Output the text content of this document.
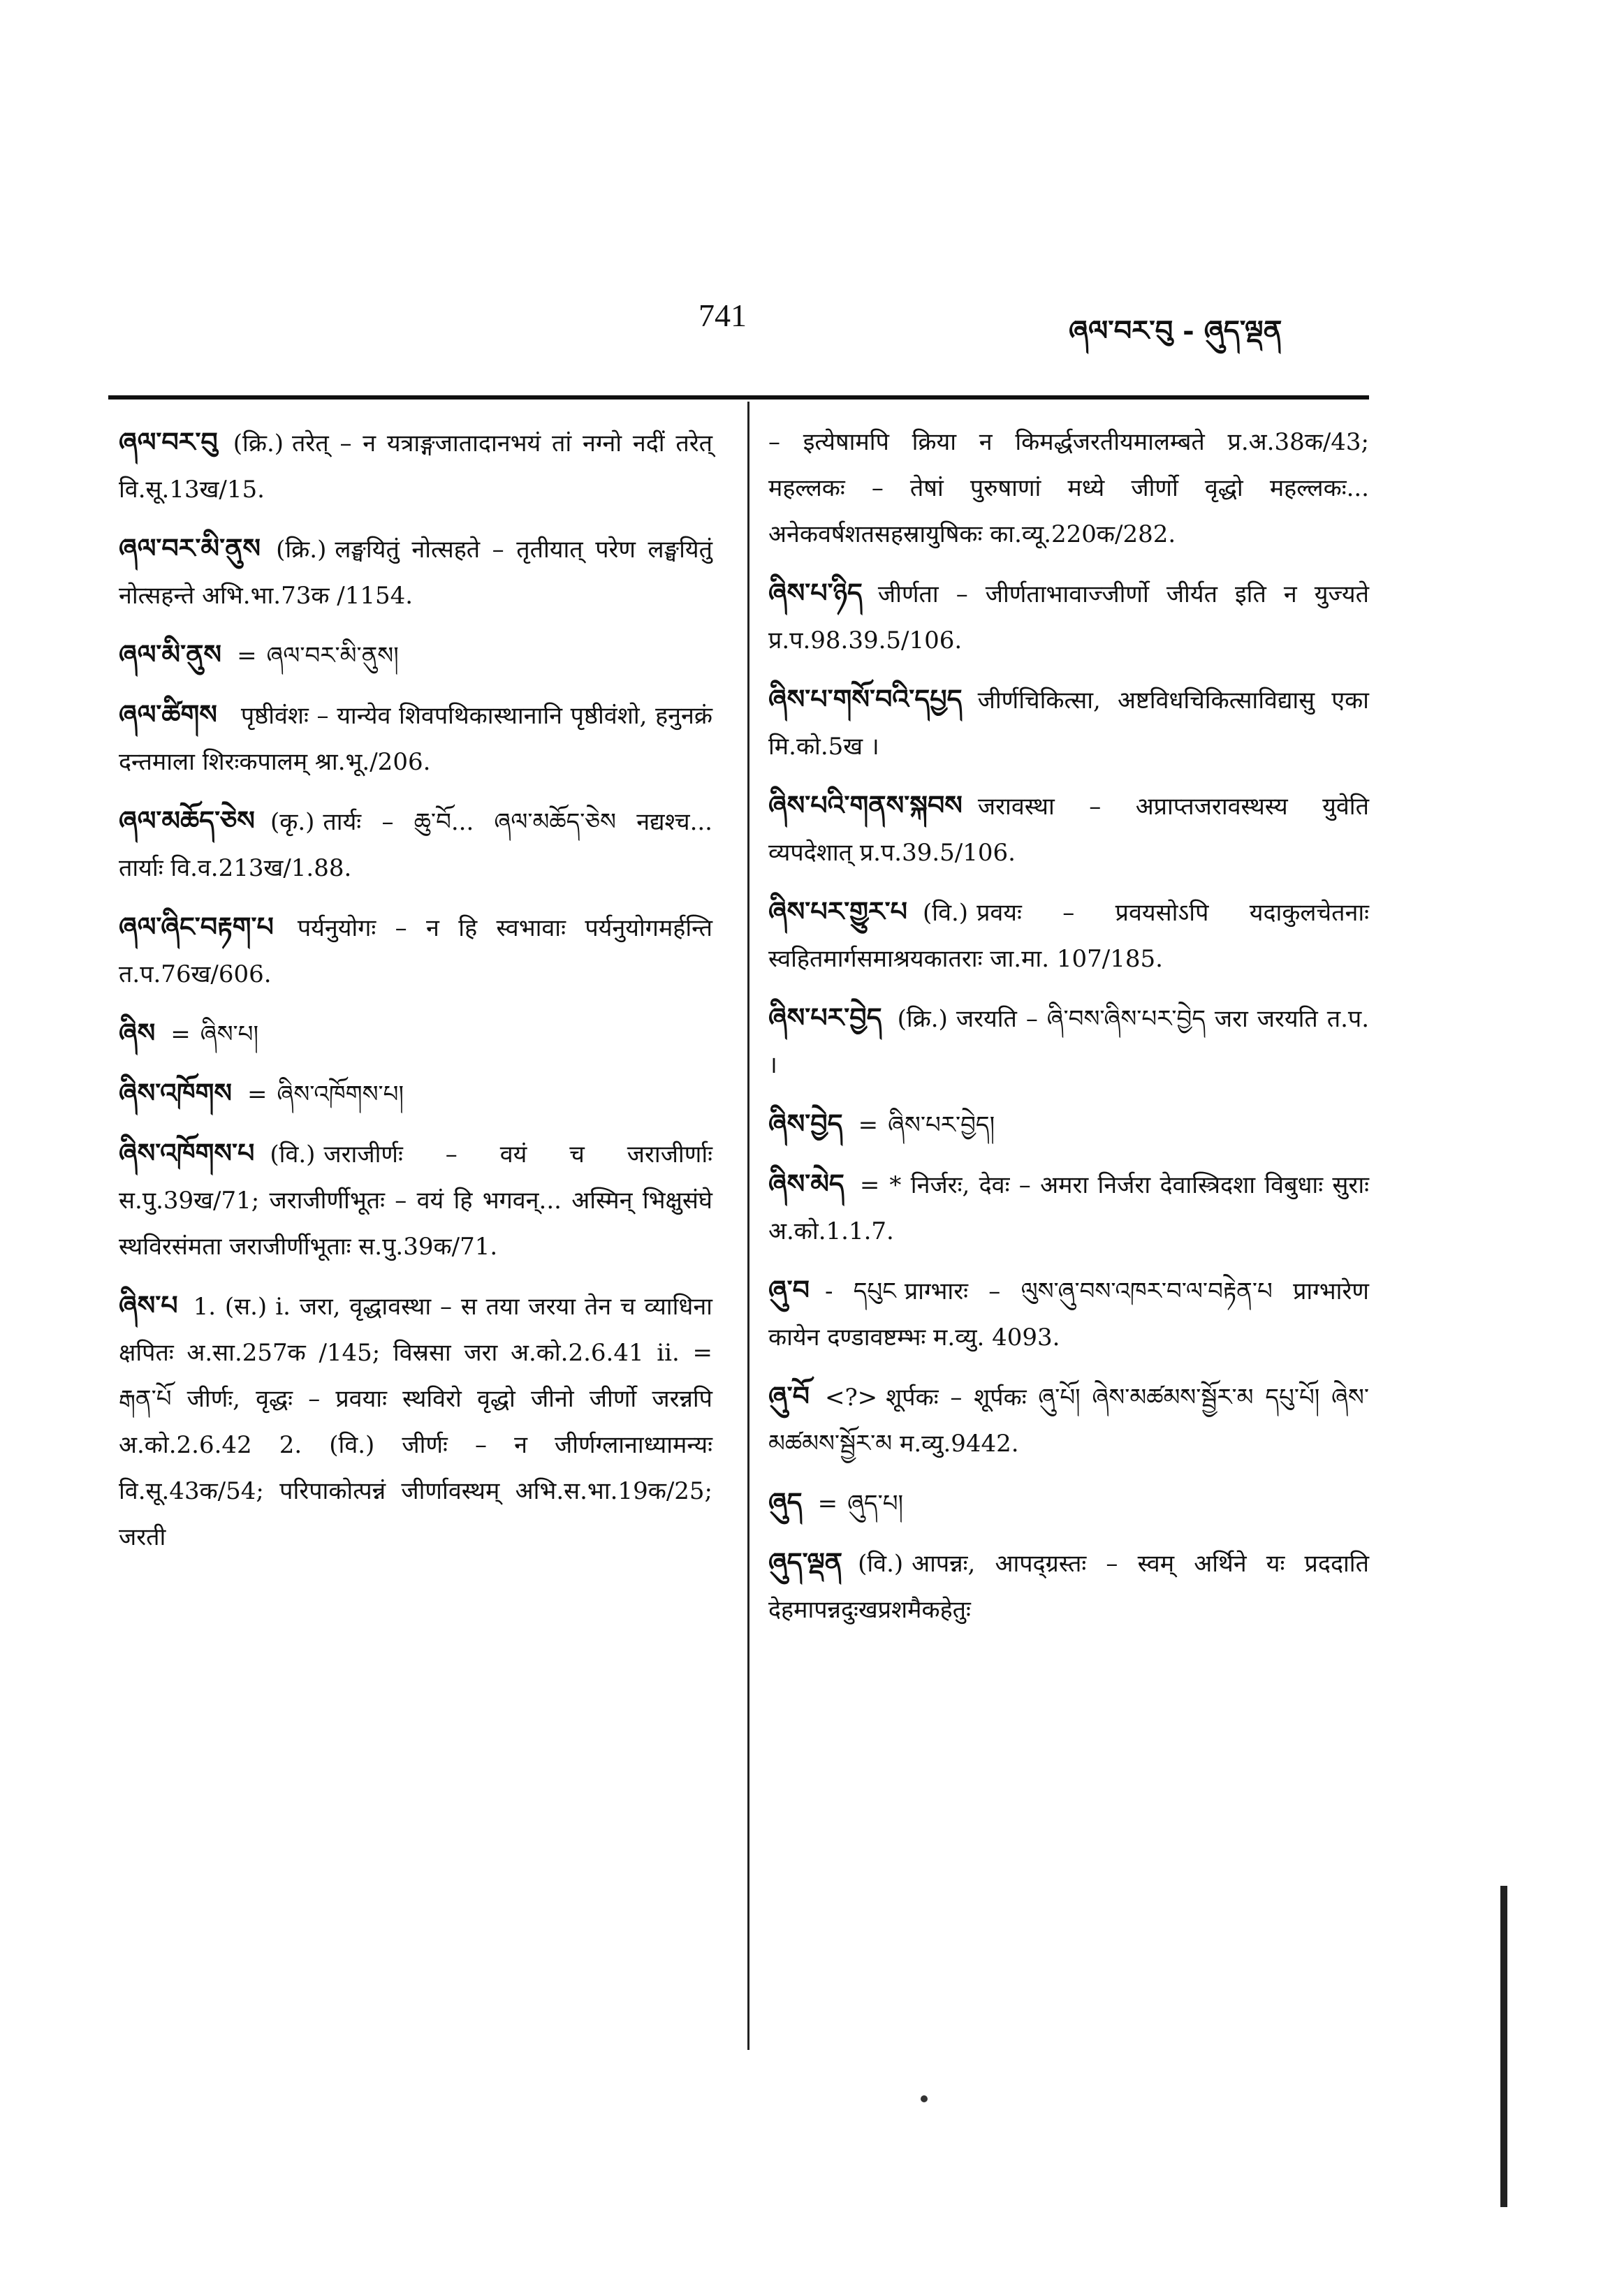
741	ཞལ་བར་བུ - ཞུད་ལྡན
ཞལ་བར་བུ (क्रि.) तरेत् – न यत्राङ्गजातादानभयं तां नग्नो नदीं तरेत् वि.सू.13ख/15.
ཞལ་བར་མི་ནུས (क्रि.) लङ्घयितुं नोत्सहते – तृतीयात् परेण लङ्घयितुं नोत्सहन्ते अभि.भा.73क /1154.
ཞལ་མི་ནུས = ཞལ་བར་མི་ནུས།
ཞལ་ཚིགས पृष्ठीवंशः – यान्येव शिवपथिकास्थानानि पृष्ठीवंशो, हनुनक्रं दन्तमाला शिरःकपालम् श्रा.भू./206.
ཞལ་མཆོད་ཅེས (कृ.) तार्यः – ཆུ་བོ... ཞལ་མཆོད་ཅེས नद्यश्च... तार्याः वि.व.213ख/1.88.
ཞལ་ཞིང་བརྟག་པ पर्यनुयोगः – न हि स्वभावाः पर्यनुयोगमर्हन्ति त.प.76ख/606.
ཞིས = ཞིས་པ།
ཞིས་འཁོགས = ཞིས་འཁོགས་པ།
ཞིས་འཁོགས་པ (वि.) जराजीर्णः – वयं च जराजीर्णाः स.पु.39ख/71; जराजीर्णीभूतः – वयं हि भगवन्... अस्मिन् भिक्षुसंघे स्थविरसंमता जराजीर्णीभूताः स.पु.39क/71.
ཞིས་པ 1. (स.) i. जरा, वृद्धावस्था – स तया जरया तेन च व्याधिना क्षपितः अ.सा.257क /145; विस्रसा जरा अ.को.2.6.41 ii. = རྒན་པོ जीर्णः, वृद्धः – प्रवयाः स्थविरो वृद्धो जीनो जीर्णो जरन्नपि अ.को.2.6.42 2. (वि.) जीर्णः – न जीर्णग्लानाध्यामन्यः वि.सू.43क/54; परिपाकोत्पन्नं जीर्णावस्थम् अभि.स.भा.19क/25; जरती
– इत्येषामपि क्रिया न किमर्द्धजरतीयमालम्बते प्र.अ.38क/43; महल्लकः – तेषां पुरुषाणां मध्ये जीर्णो वृद्धो महल्लकः... अनेकवर्षशतसहस्रायुषिकः का.व्यू.220क/282.
ཞིས་པ་ཉིད जीर्णता – जीर्णताभावाज्जीर्णो जीर्यत इति न युज्यते प्र.प.98.39.5/106.
ཞིས་པ་གསོ་བའི་དཔྱད जीर्णचिकित्सा, अष्टविधचिकित्साविद्यासु एका मि.को.5ख ।
ཞིས་པའི་གནས་སྐབས जरावस्था – अप्राप्तजरावस्थस्य युवेति व्यपदेशात् प्र.प.39.5/106.
ཞིས་པར་གྱུར་པ (वि.) प्रवयः – प्रवयसोऽपि यदाकुलचेतनाः स्वहितमार्गसमाश्रयकातराः जा.मा. 107/185.
ཞིས་པར་བྱེད (क्रि.) जरयति – ཞི་བས་ཞིས་པར་བྱེད जरा जरयति त.प. ।
ཞིས་བྱེད = ཞིས་པར་བྱེད།
ཞིས་མེད = * निर्जरः, देवः – अमरा निर्जरा देवास्त्रिदशा विबुधाः सुराः अ.को.1.1.7.
ཞུ་བ - དཔུང प्राग्भारः – ལུས་ཞུ་བས་འཁར་བ་ལ་བརྟེན་པ प्राग्भारेण कायेन दण्डावष्टम्भः म.व्यु. 4093.
ཞུ་བོ <?> शूर्पकः – शूर्पकः ཞུ་པོ། ཞེས་མཚམས་སྦྱོར་མ དཔུ་པོ། ཞེས་མཚམས་སྦྱོར་མ म.व्यु.9442.
ཞུད = ཞུད་པ།
ཞུད་ལྡན (वि.) आपन्नः, आपद्ग्रस्तः – स्वम् अर्थिने यः प्रददाति देहमापन्नदुःखप्रशमैकहेतुः
